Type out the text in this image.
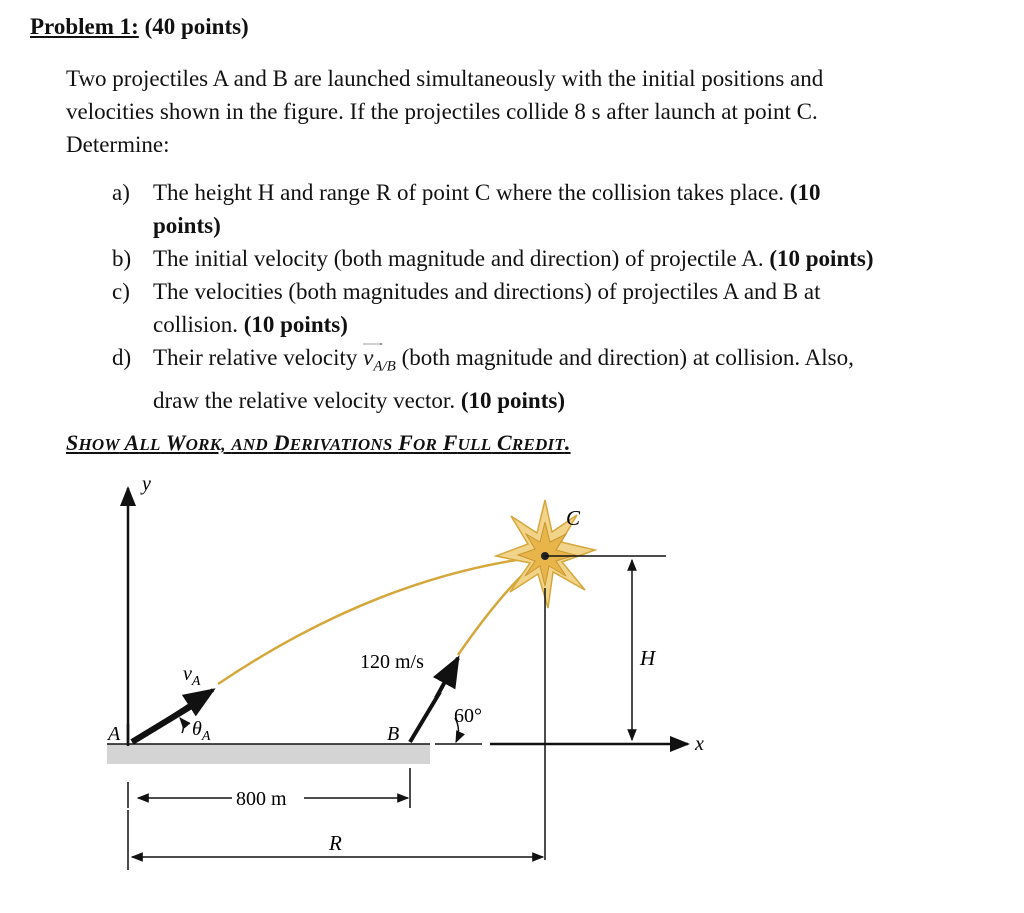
Problem 1: (40 points)
Two projectiles A and B are launched simultaneously with the initial positions and
velocities shown in the figure. If the projectiles collide 8 s after launch at point C.
Determine:
a) The height H and range R of point C where the collision takes place. (10
points)
b) The initial velocity (both magnitude and direction) of projectile A. (10 points)
c) The velocities (both magnitudes and directions) of projectiles A and B at
collision. (10 points)
d) Their relative velocity $v_{A/B}$ (both magnitude and direction) at collision. Also,
draw the relative velocity vector. (10 points)
SHOW ALL WORK, AND DERIVATIONS FOR FULL CREDIT.
y
x
C
H
A
$v_A$
$\theta_A$	B
120 m/s
60°
800 m
R
